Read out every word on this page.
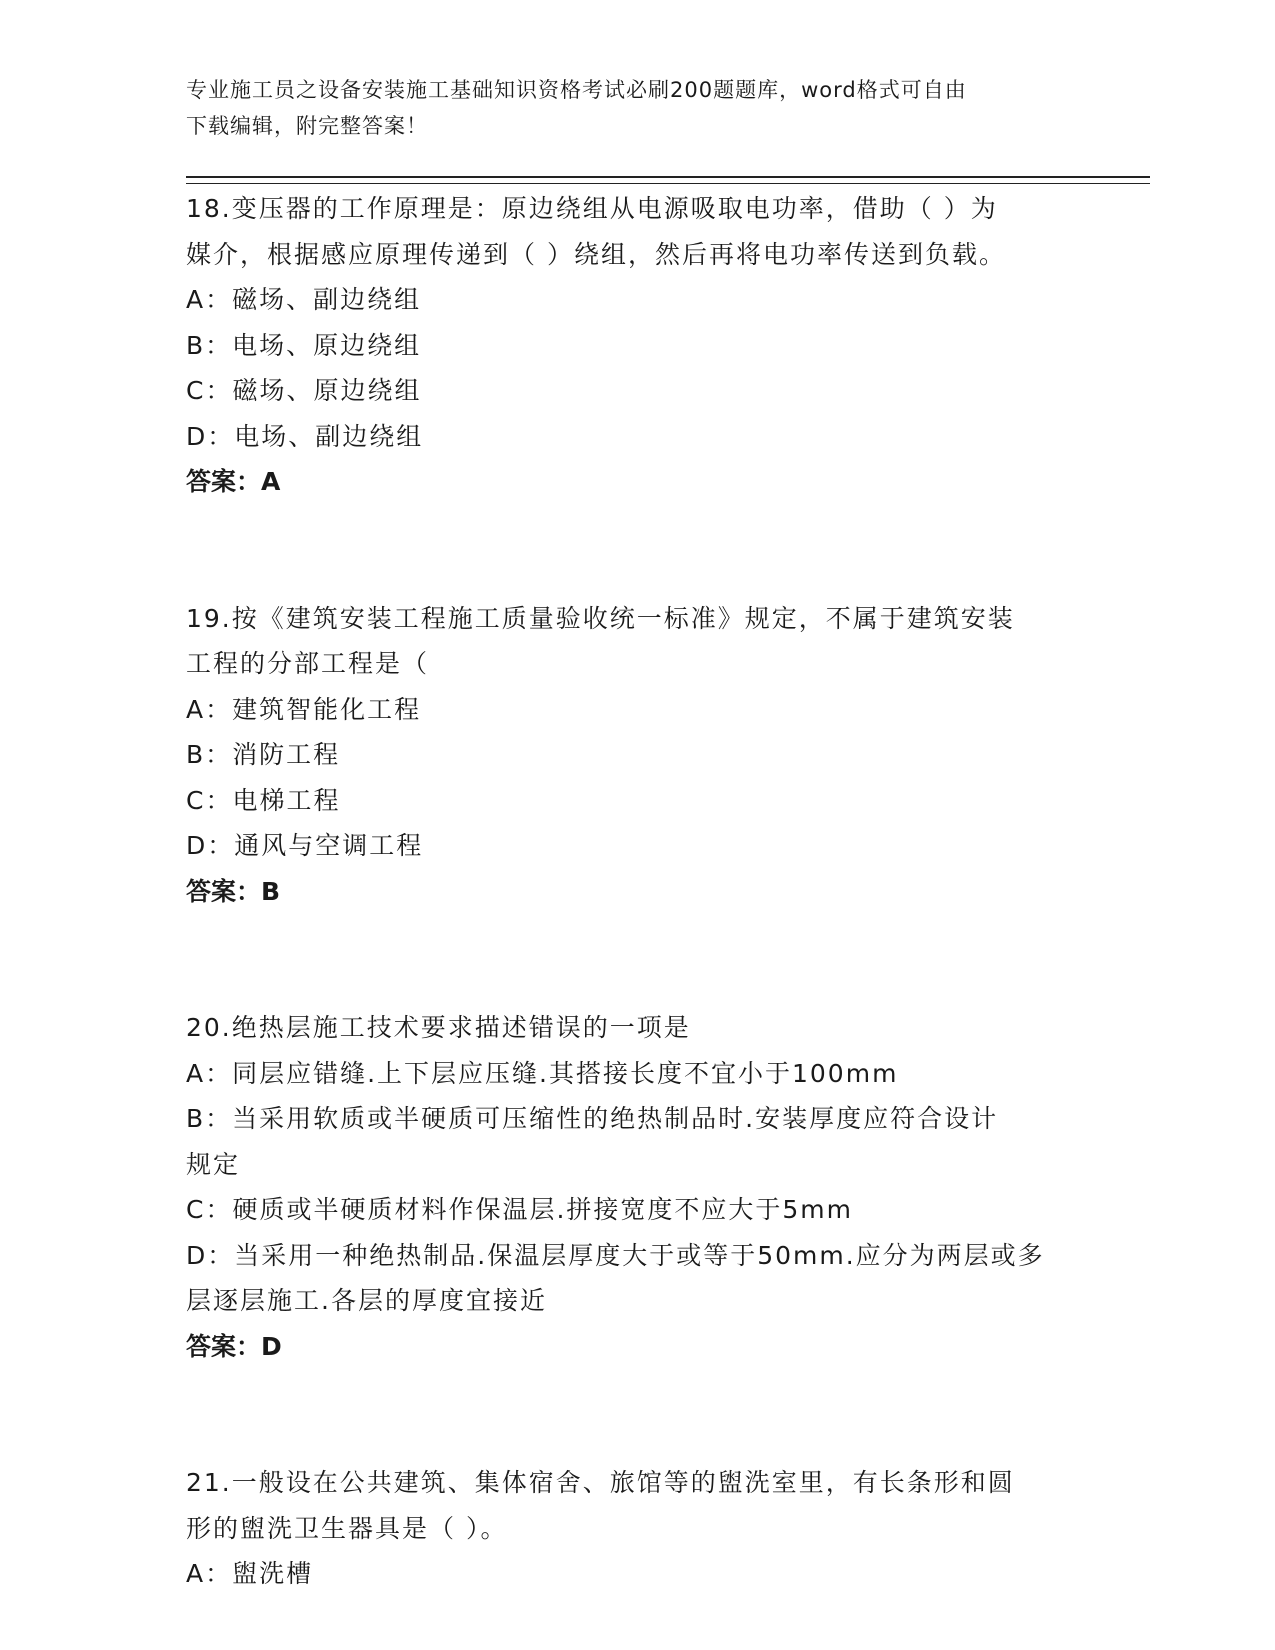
专业施工员之设备安装施工基础知识资格考试必刷200题题库，word格式可自由
下载编辑，附完整答案！
18.变压器的工作原理是：原边绕组从电源吸取电功率，借助（ ）为
媒介，根据感应原理传递到（ ）绕组，然后再将电功率传送到负载。
A：磁场、副边绕组
B：电场、原边绕组
C：磁场、原边绕组
D：电场、副边绕组
答案：A
19.按《建筑安装工程施工质量验收统一标准》规定，不属于建筑安装
工程的分部工程是（
A：建筑智能化工程
B：消防工程
C：电梯工程
D：通风与空调工程
答案：B
20.绝热层施工技术要求描述错误的一项是
A：同层应错缝.上下层应压缝.其搭接长度不宜小于100mm
B：当采用软质或半硬质可压缩性的绝热制品时.安装厚度应符合设计
规定
C：硬质或半硬质材料作保温层.拼接宽度不应大于5mm
D：当采用一种绝热制品.保温层厚度大于或等于50mm.应分为两层或多
层逐层施工.各层的厚度宜接近
答案：D
21.一般设在公共建筑、集体宿舍、旅馆等的盥洗室里，有长条形和圆
形的盥洗卫生器具是（ ）。
A：盥洗槽
